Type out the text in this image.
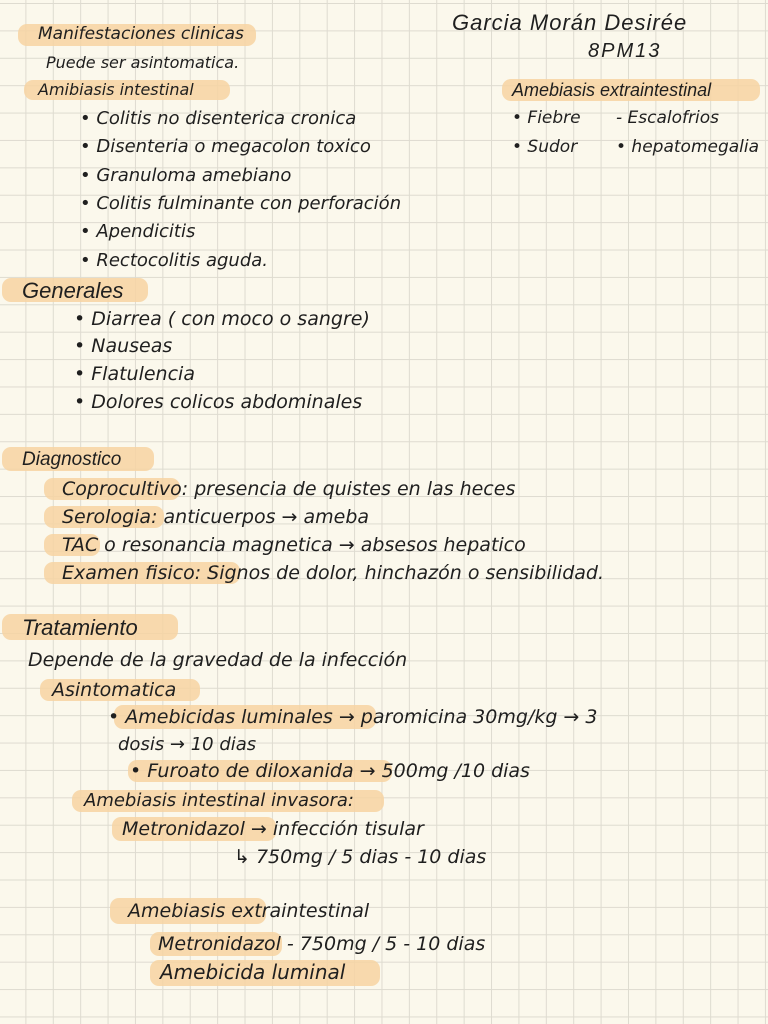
Garcia Morán Desirée
8PM13
Manifestaciones clinicas
Puede ser asintomatica.
Amibiasis intestinal
• Colitis no disenterica cronica
• Disenteria o megacolon toxico
• Granuloma amebiano
• Colitis fulminante con perforación
• Apendicitis
• Rectocolitis aguda.
Amebiasis extraintestinal
• Fiebre
• Sudor
- Escalofrios
• hepatomegalia
Generales
• Diarrea ( con moco o sangre)
• Nauseas
• Flatulencia
• Dolores colicos abdominales
Diagnostico
Coprocultivo: presencia de quistes en las heces
Serologia: anticuerpos → ameba
TAC o resonancia magnetica → absesos hepatico
Examen fisico: Signos de dolor, hinchazón o sensibilidad.
Tratamiento
Depende de la gravedad de la infección
Asintomatica
• Amebicidas luminales → paromicina 30mg/kg → 3
dosis → 10 dias
• Furoato de diloxanida → 500mg /10 dias
Amebiasis intestinal invasora:
Metronidazol → infección tisular
↳ 750mg / 5 dias - 10 dias
Amebiasis extraintestinal
Metronidazol - 750mg / 5 - 10 dias
Amebicida luminal
